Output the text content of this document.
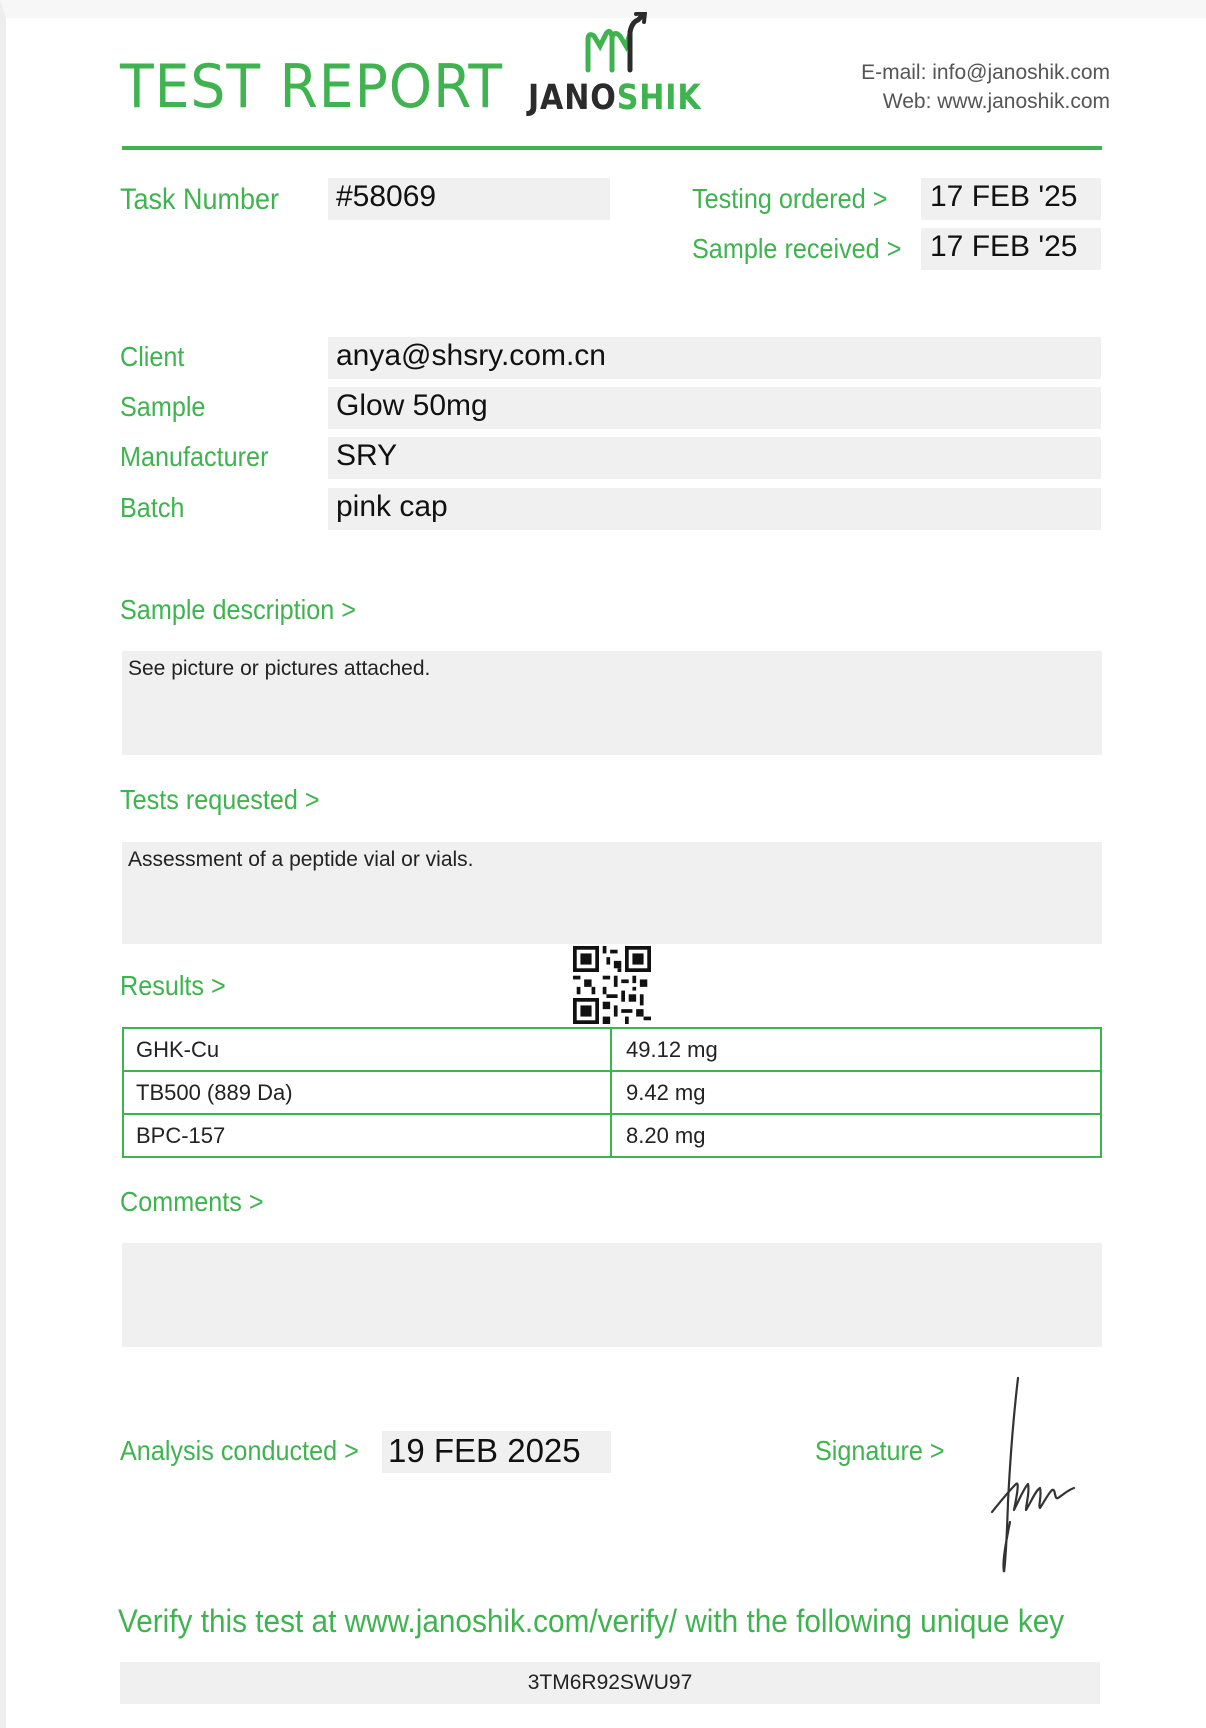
TEST REPORT JANOSHIK
E-mail: info@janoshik.com
Web: www.janoshik.com
Task Number #58069	Testing ordered > 17 FEB '25
Sample received > 17 FEB '25
Client	anya@shsry.com.cn
Sample	Glow 50mg
Manufacturer SRY
Batch	pink cap
Sample description >
See picture or pictures attached.
Tests requested >
Assessment of a peptide vial or vials.
Results >
GHK-Cu	49.12 mg
TB500 (889 Da)	9.42 mg
BPC-157	8.20 mg
Comments >
Analysis conducted > 19 FEB 2025	Signature >
Verify this test at www.janoshik.com/verify/ with the following unique key
3TM6R92SWU97
